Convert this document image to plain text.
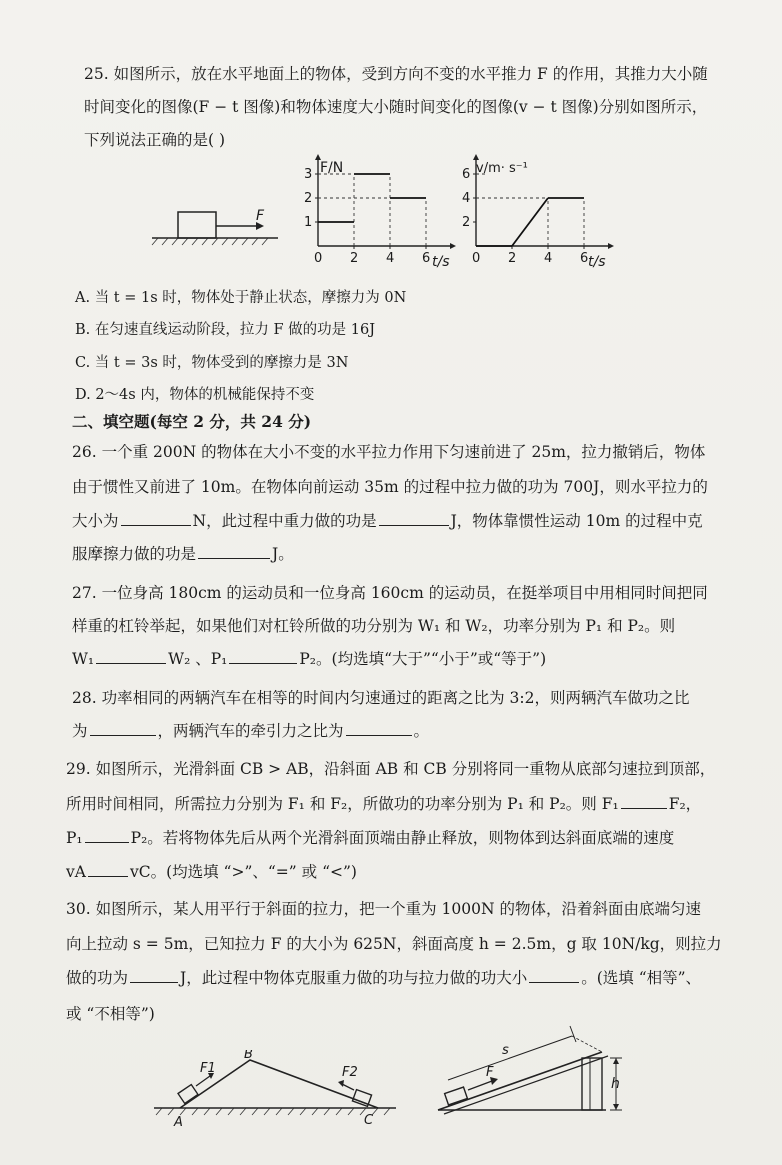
25. 如图所示，放在水平地面上的物体，受到方向不变的水平推力 F 的作用，其推力大小随
时间变化的图像(F − t 图像)和物体速度大小随时间变化的图像(v − t 图像)分别如图所示，
下列说法正确的是( )
F
0 2 4 6
1
2
3 F/N
t/s 0 2 4 6
2
4
6 v/m· s⁻¹
t/s
A. 当 t = 1s 时，物体处于静止状态，摩擦力为 0N
B. 在匀速直线运动阶段，拉力 F 做的功是 16J
C. 当 t = 3s 时，物体受到的摩擦力是 3N
D. 2～4s 内，物体的机械能保持不变
二、填空题(每空 2 分，共 24 分)
26. 一个重 200N 的物体在大小不变的水平拉力作用下匀速前进了 25m，拉力撤销后，物体
由于惯性又前进了 10m。在物体向前运动 35m 的过程中拉力做的功为 700J，则水平拉力的
大小为	N，此过程中重力做的功是	J，物体靠惯性运动 10m 的过程中克
服摩擦力做的功是	J。
27. 一位身高 180cm 的运动员和一位身高 160cm 的运动员，在挺举项目中用相同时间把同
样重的杠铃举起，如果他们对杠铃所做的功分别为 W₁ 和 W₂，功率分别为 P₁ 和 P₂。则
W₁	W₂ 、P₁	P₂。(均选填“大于”“小于”或“等于”)
28. 功率相同的两辆汽车在相等的时间内匀速通过的距离之比为 3:2，则两辆汽车做功之比
为	，两辆汽车的牵引力之比为	。
29. 如图所示，光滑斜面 CB > AB，沿斜面 AB 和 CB 分别将同一重物从底部匀速拉到顶部，
所用时间相同，所需拉力分别为 F₁ 和 F₂，所做功的功率分别为 P₁ 和 P₂。则 F₁	F₂，
P₁	P₂。若将物体先后从两个光滑斜面顶端由静止释放，则物体到达斜面底端的速度
vA	vC。(均选填 “>”、“=” 或 “<”)
30. 如图所示，某人用平行于斜面的拉力，把一个重为 1000N 的物体，沿着斜面由底端匀速
向上拉动 s = 5m，已知拉力 F 的大小为 625N，斜面高度 h = 2.5m，g 取 10N/kg，则拉力
做的功为	J，此过程中物体克服重力做的功与拉力做的功大小	。(选填 “相等”、
或 “不相等”)
F1	F2
B
A	C
F
s
h
